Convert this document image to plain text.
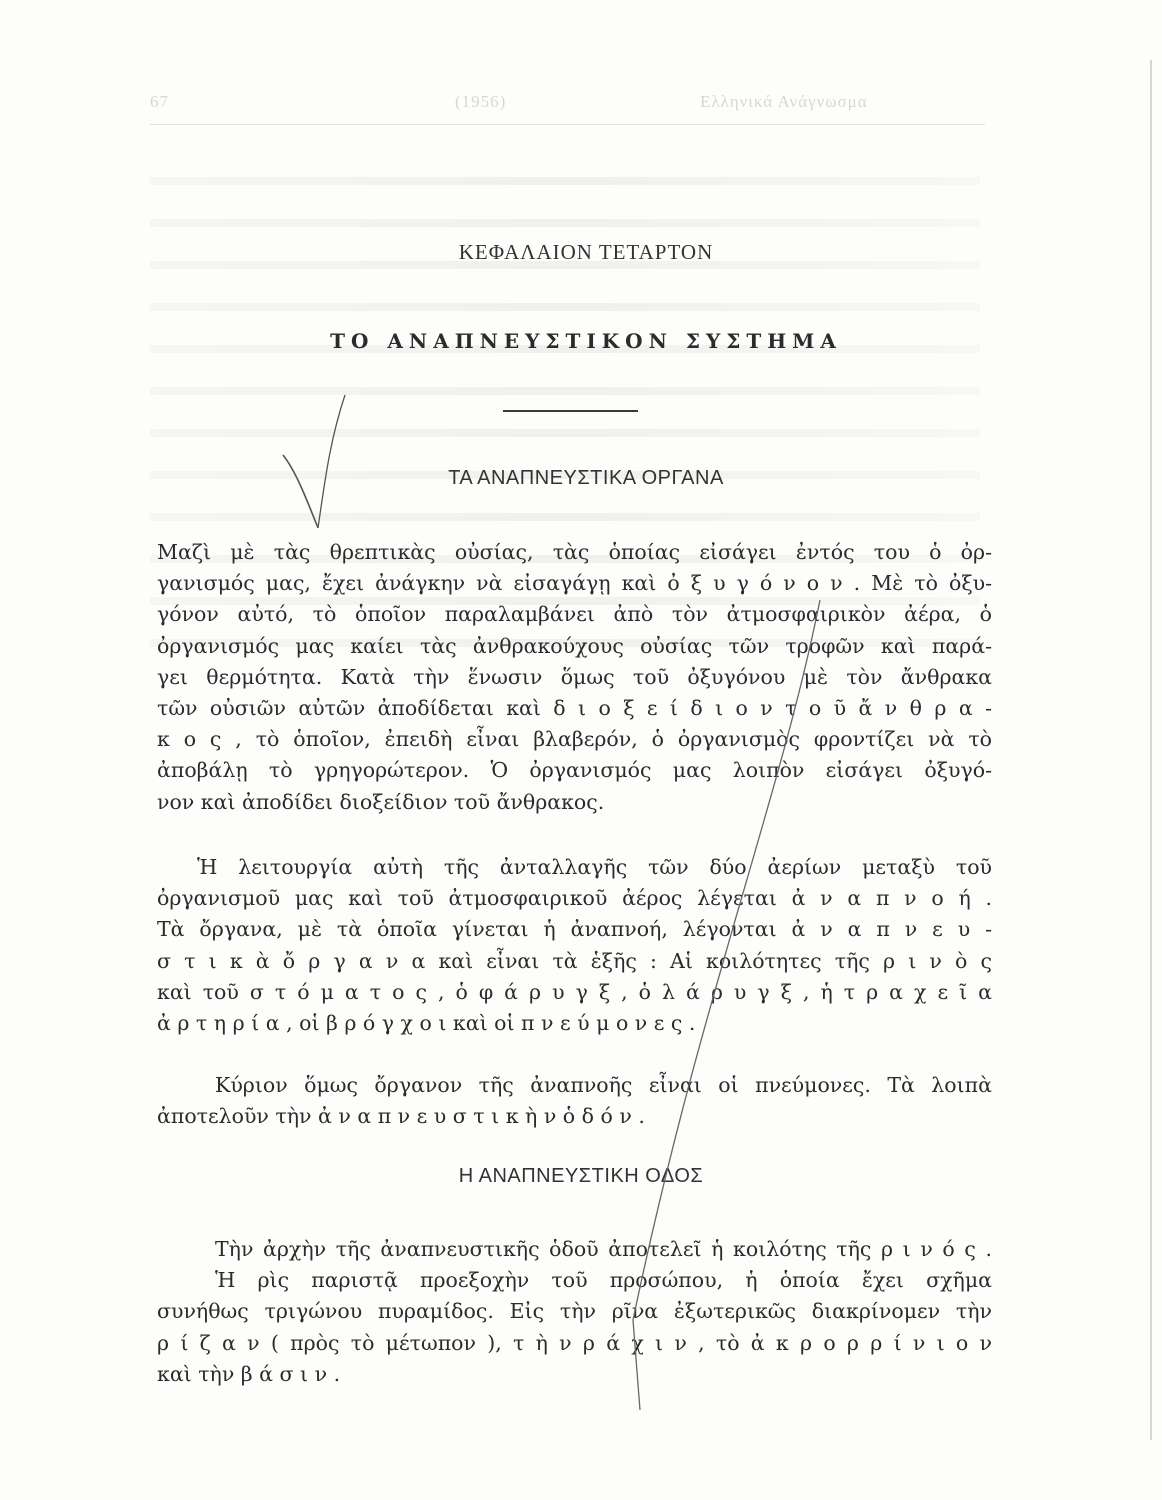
67	(1956)	Ελληνικά Ανάγνωσμα
ΚΕΦΑΛΑΙΟΝ ΤΕΤΑΡΤΟΝ
ΤΟ ΑΝΑΠΝΕΥΣΤΙΚΟΝ ΣΥΣΤΗΜΑ
ΤΑ ΑΝΑΠΝΕΥΣΤΙΚΑ ΟΡΓΑΝΑ
Μαζὶ μὲ τὰς θρεπτικὰς οὐσίας, τὰς ὁποίας εἰσάγει ἐντός του ὁ ὀρ-
γανισμός μας, ἔχει ἀνάγκην νὰ εἰσαγάγῃ καὶ ὀ ξ υ γ ό ν ο ν . Μὲ τὸ ὀξυ-
γόνον αὐτό, τὸ ὁποῖον παραλαμβάνει ἀπὸ τὸν ἀτμοσφαιρικὸν ἀέρα, ὁ
ὀργανισμός μας καίει τὰς ἀνθρακούχους οὐσίας τῶν τροφῶν καὶ παρά-
γει θερμότητα. Κατὰ τὴν ἕνωσιν ὅμως τοῦ ὀξυγόνου μὲ τὸν ἄνθρακα
τῶν οὐσιῶν αὐτῶν ἀποδίδεται καὶ δ ι ο ξ ε ί δ ι ο ν τ ο ῦ ἄ ν θ ρ α -
κ ο ς , τὸ ὁποῖον, ἐπειδὴ εἶναι βλαβερόν, ὁ ὀργανισμὸς φροντίζει νὰ τὸ
ἀποβάλῃ τὸ γρηγορώτερον. Ὁ ὀργανισμός μας λοιπὸν εἰσάγει ὀξυγό-
νον καὶ ἀποδίδει διοξείδιον τοῦ ἄνθρακος.
Ἡ λειτουργία αὐτὴ τῆς ἀνταλλαγῆς τῶν δύο ἀερίων μεταξὺ τοῦ
ὀργανισμοῦ μας καὶ τοῦ ἀτμοσφαιρικοῦ ἀέρος λέγεται ἀ ν α π ν ο ή .
Τὰ ὄργανα, μὲ τὰ ὁποῖα γίνεται ἡ ἀναπνοή, λέγονται ἀ ν α π ν ε υ -
σ τ ι κ ὰ ὄ ρ γ α ν α καὶ εἶναι τὰ ἑξῆς : Αἱ κοιλότητες τῆς ρ ι ν ὸ ς
καὶ τοῦ σ τ ό μ α τ ο ς , ὁ φ ά ρ υ γ ξ , ὁ λ ά ρ υ γ ξ , ἡ τ ρ α χ ε ῖ α
ἀ ρ τ η ρ ί α , οἱ β ρ ό γ χ ο ι καὶ οἱ π ν ε ύ μ ο ν ε ς .
Κύριον ὅμως ὄργανον τῆς ἀναπνοῆς εἶναι οἱ πνεύμονες. Τὰ λοιπὰ
ἀποτελοῦν τὴν ἀ ν α π ν ε υ σ τ ι κ ὴ ν ὁ δ ό ν .
Η ΑΝΑΠΝΕΥΣΤΙΚΗ ΟΔΟΣ
Τὴν ἀρχὴν τῆς ἀναπνευστικῆς ὁδοῦ ἀποτελεῖ ἡ κοιλότης τῆς ρ ι ν ό ς .
Ἡ ρὶς παριστᾷ προεξοχὴν τοῦ προσώπου, ἡ ὁποία ἔχει σχῆμα
συνήθως τριγώνου πυραμίδος. Εἰς τὴν ρῖνα ἐξωτερικῶς διακρίνομεν τὴν
ρ ί ζ α ν ( πρὸς τὸ μέτωπον ), τ ὴ ν ρ ά χ ι ν , τὸ ἀ κ ρ ο ρ ρ ί ν ι ο ν
καὶ τὴν β ά σ ι ν .
